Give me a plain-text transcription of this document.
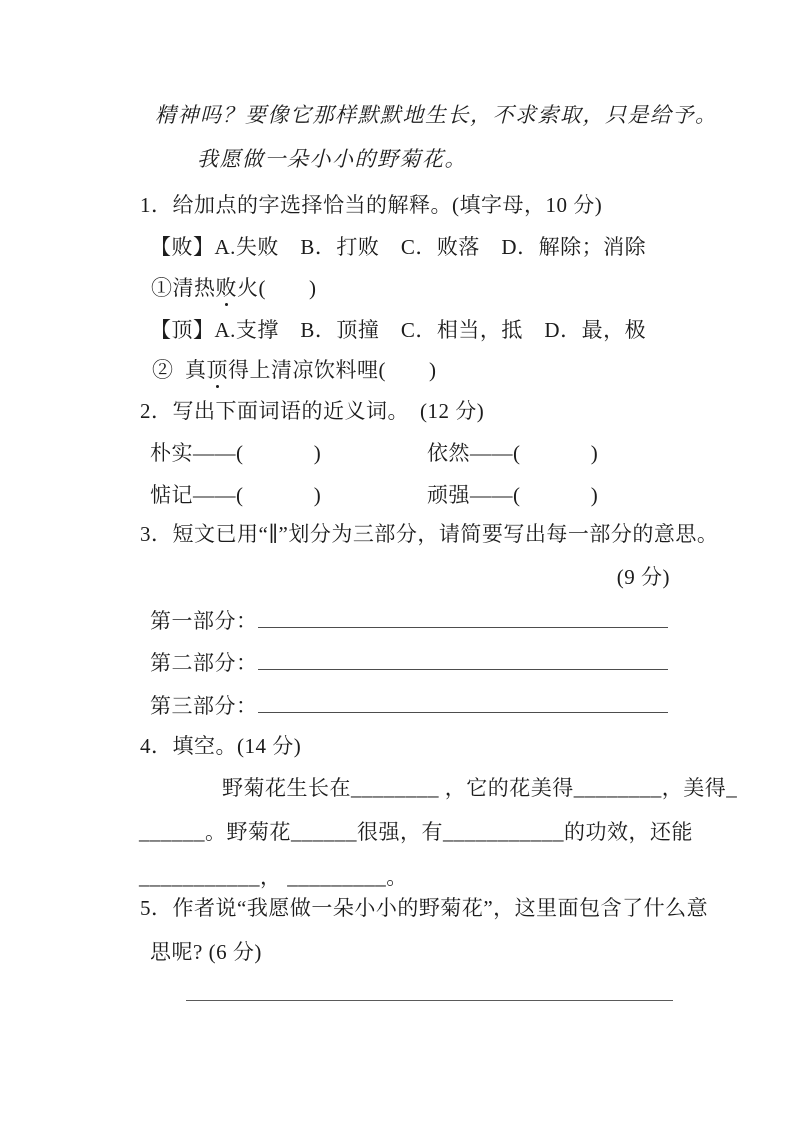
精神吗？要像它那样默默地生长，不求索取，只是给予。
我愿做一朵小小的野菊花。
1．给加点的字选择恰当的解释。(填字母，10 分)
【败】A.失败　B．打败　C．败落　D．解除；消除
①清热 败 火(　　)
【顶】A.支撑　B．顶撞　C．相当，抵　D．最，极
②  真 顶 得上清凉饮料哩(　　)
2．写出下面词语的近义词。　(12 分)
朴实——(　　　 )	依然——(　　　 )
惦记——(　　　 )	顽强——(　　　 )
3．短文已用“∥”划分为三部分，请简要写出每一部分的意思。
(9 分)
第一部分：
第二部分：
第三部分：
4．填空。(14 分)
野菊花生长在________ ，它的花美得________，美得_
______。野菊花______很强，有___________的功效，还能
___________， _________。
5．作者说“我愿做一朵小小的野菊花”，这里面包含了什么意
思呢? (6 分)
